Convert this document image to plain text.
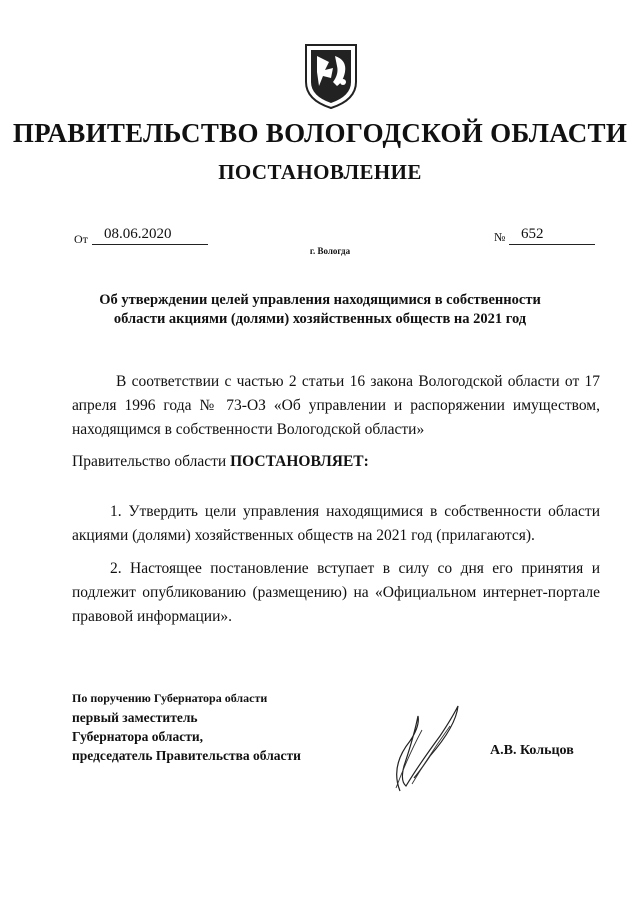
ПРАВИТЕЛЬСТВО ВОЛОГОДСКОЙ ОБЛАСТИ
ПОСТАНОВЛЕНИЕ
От	08.06.2020	№	652
г. Вологда
Об утверждении целей управления находящимися в собственности
области акциями (долями) хозяйственных обществ на 2021 год
В соответствии с частью 2 статьи 16 закона Вологодской области от 17 апреля 1996 года № 73-ОЗ «Об управлении и распоряжении имуществом, находящимся в собственности Вологодской области»
Правительство области ПОСТАНОВЛЯЕТ:
1. Утвердить цели управления находящимися в собственности области акциями (долями) хозяйственных обществ на 2021 год (прилагаются).
2. Настоящее постановление вступает в силу со дня его принятия и подлежит опубликованию (размещению) на «Официальном интернет-портале правовой информации».
По поручению Губернатора области
первый заместитель
Губернатора области,
председатель Правительства области	А.В. Кольцов
